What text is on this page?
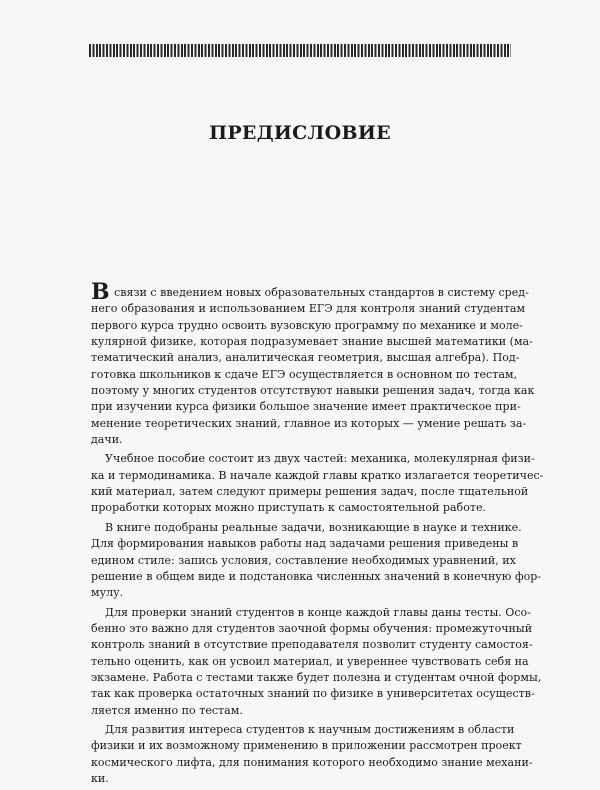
ПРЕДИСЛОВИЕ
В связи с введением новых образовательных стандартов в систему сред-
него образования и использованием ЕГЭ для контроля знаний студентам
первого курса трудно освоить вузовскую программу по механике и моле-
кулярной физике, которая подразумевает знание высшей математики (ма-
тематический анализ, аналитическая геометрия, высшая алгебра). Под-
готовка школьников к сдаче ЕГЭ осуществляется в основном по тестам,
поэтому у многих студентов отсутствуют навыки решения задач, тогда как
при изучении курса физики большое значение имеет практическое при-
менение теоретических знаний, главное из которых — умение решать за-
дачи.
Учебное пособие состоит из двух частей: механика, молекулярная физи-
ка и термодинамика. В начале каждой главы кратко излагается теоретичес-
кий материал, затем следуют примеры решения задач, после тщательной
проработки которых можно приступать к самостоятельной работе.
В книге подобраны реальные задачи, возникающие в науке и технике.
Для формирования навыков работы над задачами решения приведены в
едином стиле: запись условия, составление необходимых уравнений, их
решение в общем виде и подстановка численных значений в конечную фор-
мулу.
Для проверки знаний студентов в конце каждой главы даны тесты. Осо-
бенно это важно для студентов заочной формы обучения: промежуточный
контроль знаний в отсутствие преподавателя позволит студенту самостоя-
тельно оценить, как он усвоил материал, и увереннее чувствовать себя на
экзамене. Работа с тестами также будет полезна и студентам очной формы,
так как проверка остаточных знаний по физике в университетах осуществ-
ляется именно по тестам.
Для развития интереса студентов к научным достижениям в области
физики и их возможному применению в приложении рассмотрен проект
космического лифта, для понимания которого необходимо знание механи-
ки.
